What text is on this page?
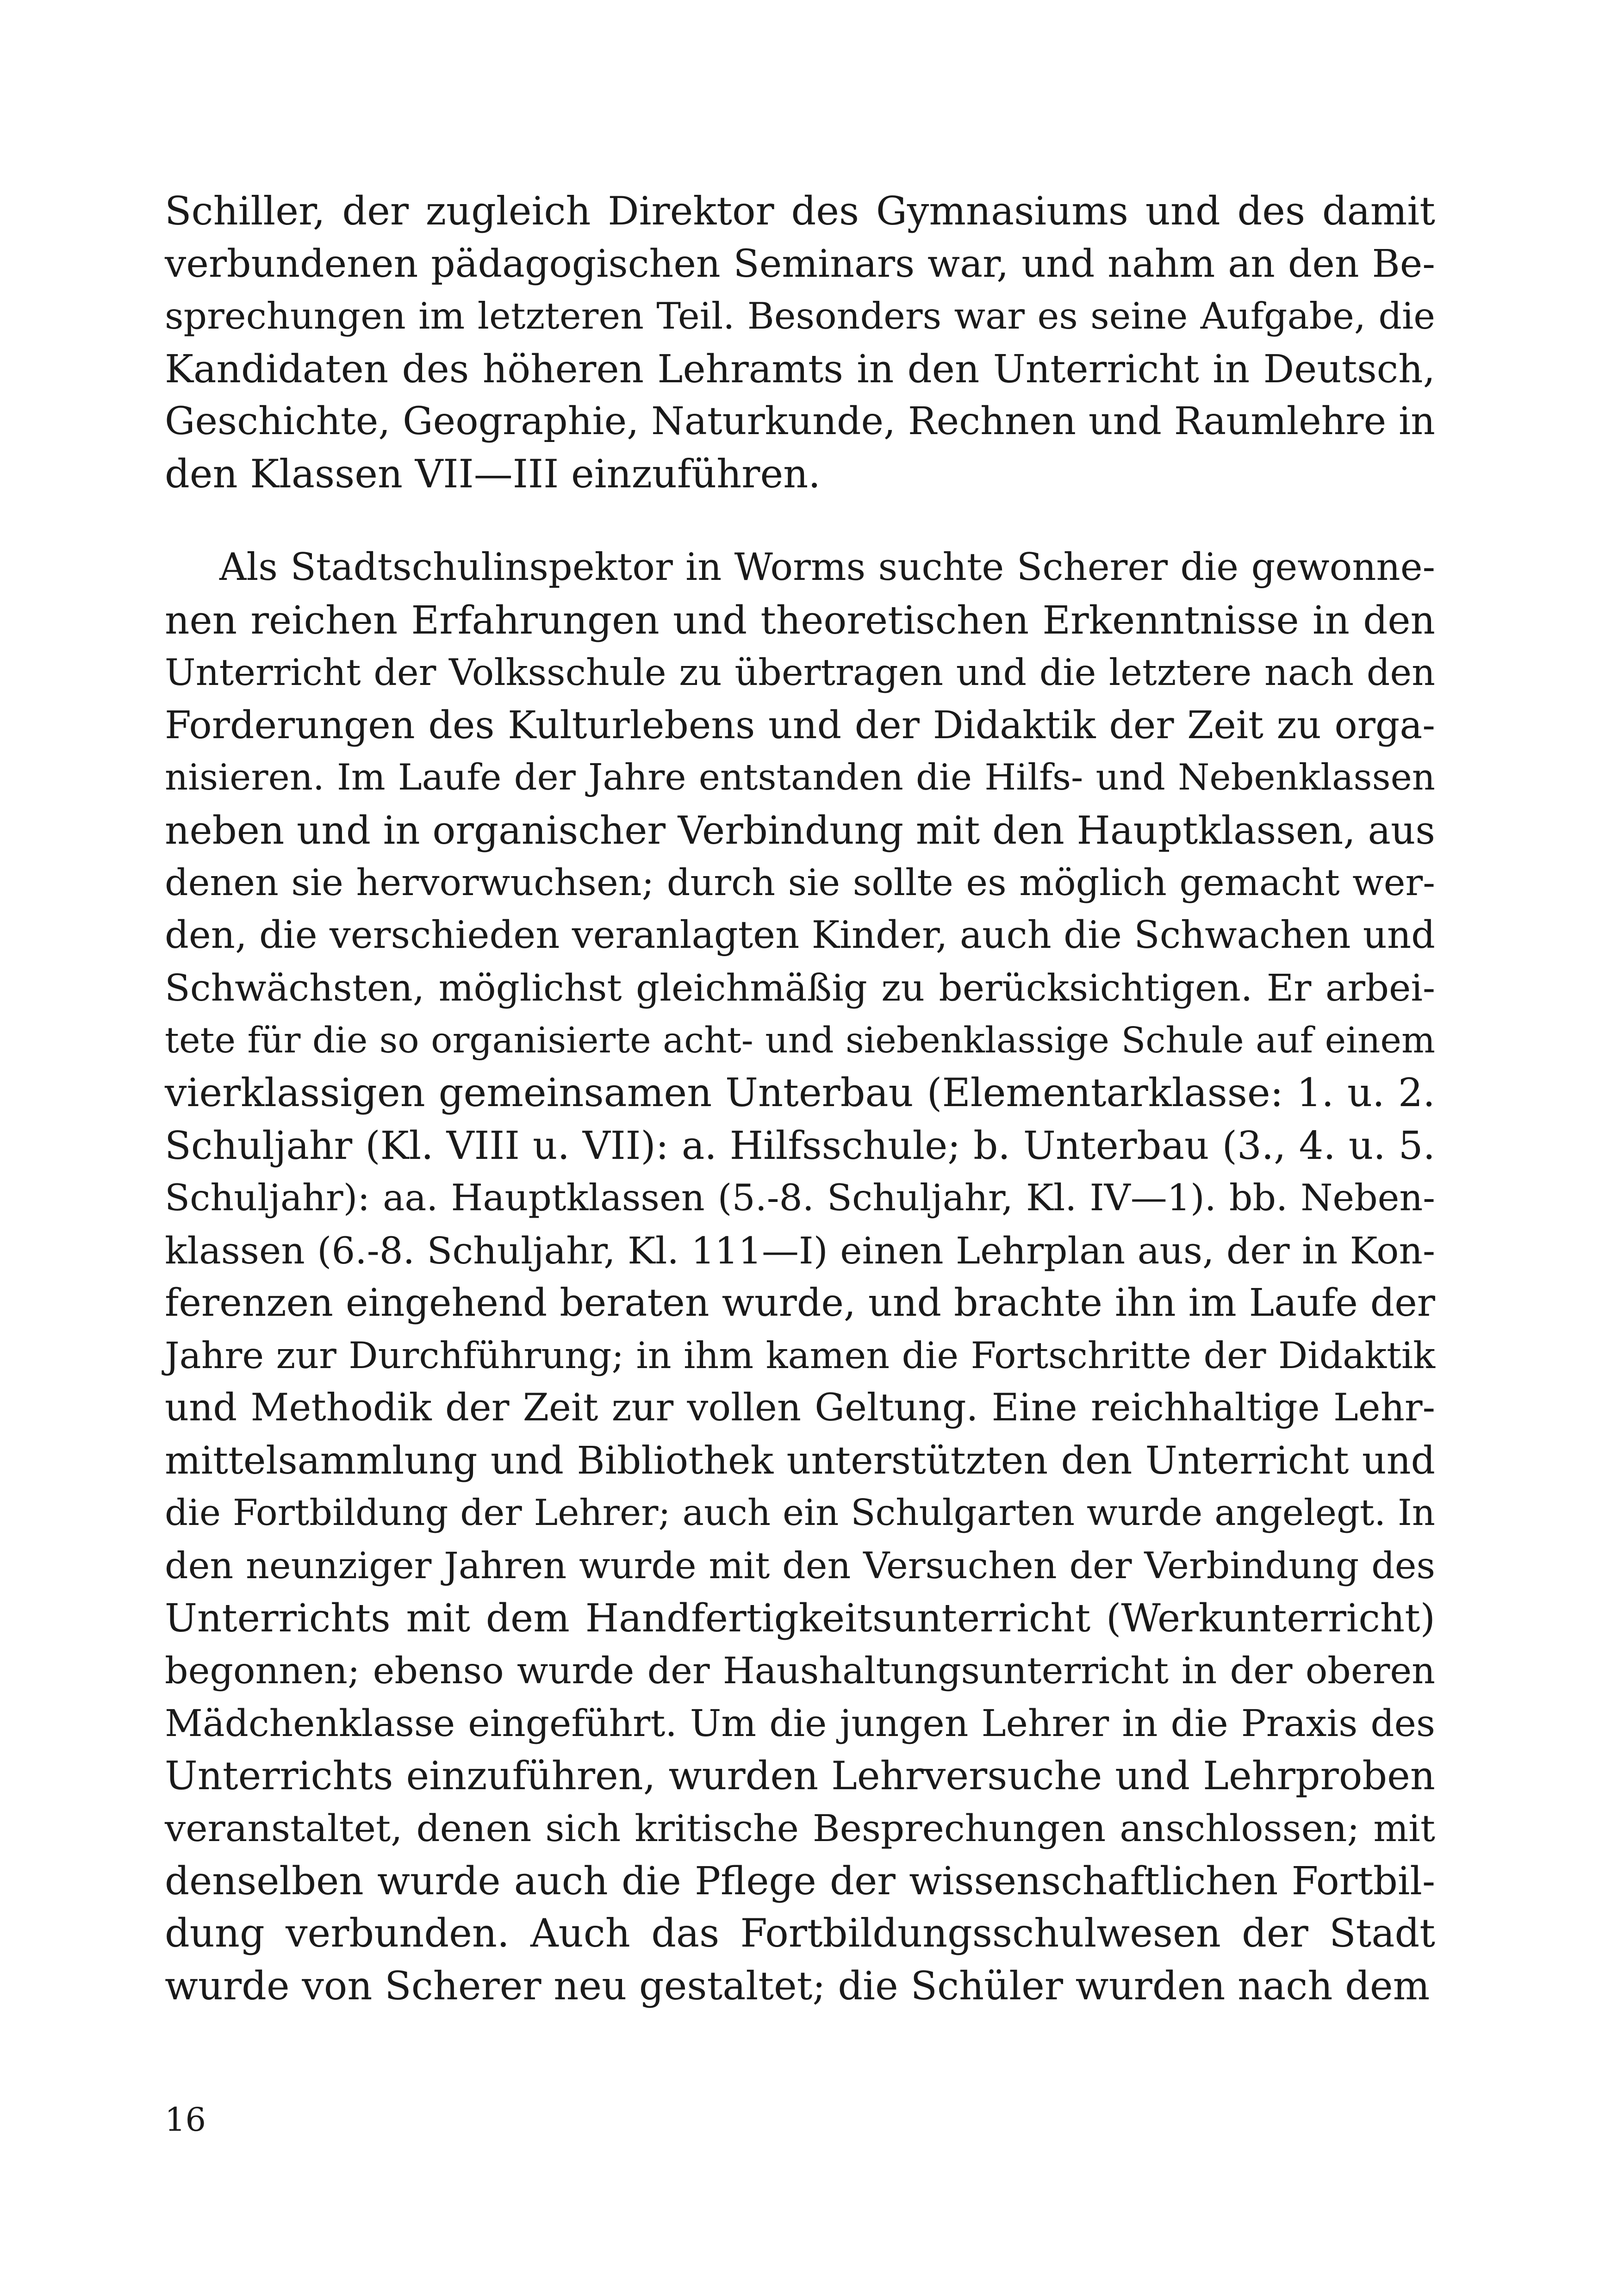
Schiller, der zugleich Direktor des Gymnasiums und des damit
verbundenen pädagogischen Seminars war, und nahm an den Be-
sprechungen im letzteren Teil. Besonders war es seine Aufgabe, die
Kandidaten des höheren Lehramts in den Unterricht in Deutsch,
Geschichte, Geographie, Naturkunde, Rechnen und Raumlehre in
den Klassen VII—III einzuführen.
Als Stadtschulinspektor in Worms suchte Scherer die gewonne-
nen reichen Erfahrungen und theoretischen Erkenntnisse in den
Unterricht der Volksschule zu übertragen und die letztere nach den
Forderungen des Kulturlebens und der Didaktik der Zeit zu orga-
nisieren. Im Laufe der Jahre entstanden die Hilfs- und Nebenklassen
neben und in organischer Verbindung mit den Hauptklassen, aus
denen sie hervorwuchsen; durch sie sollte es möglich gemacht wer-
den, die verschieden veranlagten Kinder, auch die Schwachen und
Schwächsten, möglichst gleichmäßig zu berücksichtigen. Er arbei-
tete für die so organisierte acht- und siebenklassige Schule auf einem
vierklassigen gemeinsamen Unterbau (Elementarklasse: 1. u. 2.
Schuljahr (Kl. VIII u. VII): a. Hilfsschule; b. Unterbau (3., 4. u. 5.
Schuljahr): aa. Hauptklassen (5.-8. Schuljahr, Kl. IV—1). bb. Neben-
klassen (6.-8. Schuljahr, Kl. 111—I) einen Lehrplan aus, der in Kon-
ferenzen eingehend beraten wurde, und brachte ihn im Laufe der
Jahre zur Durchführung; in ihm kamen die Fortschritte der Didaktik
und Methodik der Zeit zur vollen Geltung. Eine reichhaltige Lehr-
mittelsammlung und Bibliothek unterstützten den Unterricht und
die Fortbildung der Lehrer; auch ein Schulgarten wurde angelegt. In
den neunziger Jahren wurde mit den Versuchen der Verbindung des
Unterrichts mit dem Handfertigkeitsunterricht (Werkunterricht)
begonnen; ebenso wurde der Haushaltungsunterricht in der oberen
Mädchenklasse eingeführt. Um die jungen Lehrer in die Praxis des
Unterrichts einzuführen, wurden Lehrversuche und Lehrproben
veranstaltet, denen sich kritische Besprechungen anschlossen; mit
denselben wurde auch die Pflege der wissenschaftlichen Fortbil-
dung verbunden. Auch das Fortbildungsschulwesen der Stadt
wurde von Scherer neu gestaltet; die Schüler wurden nach dem
16
